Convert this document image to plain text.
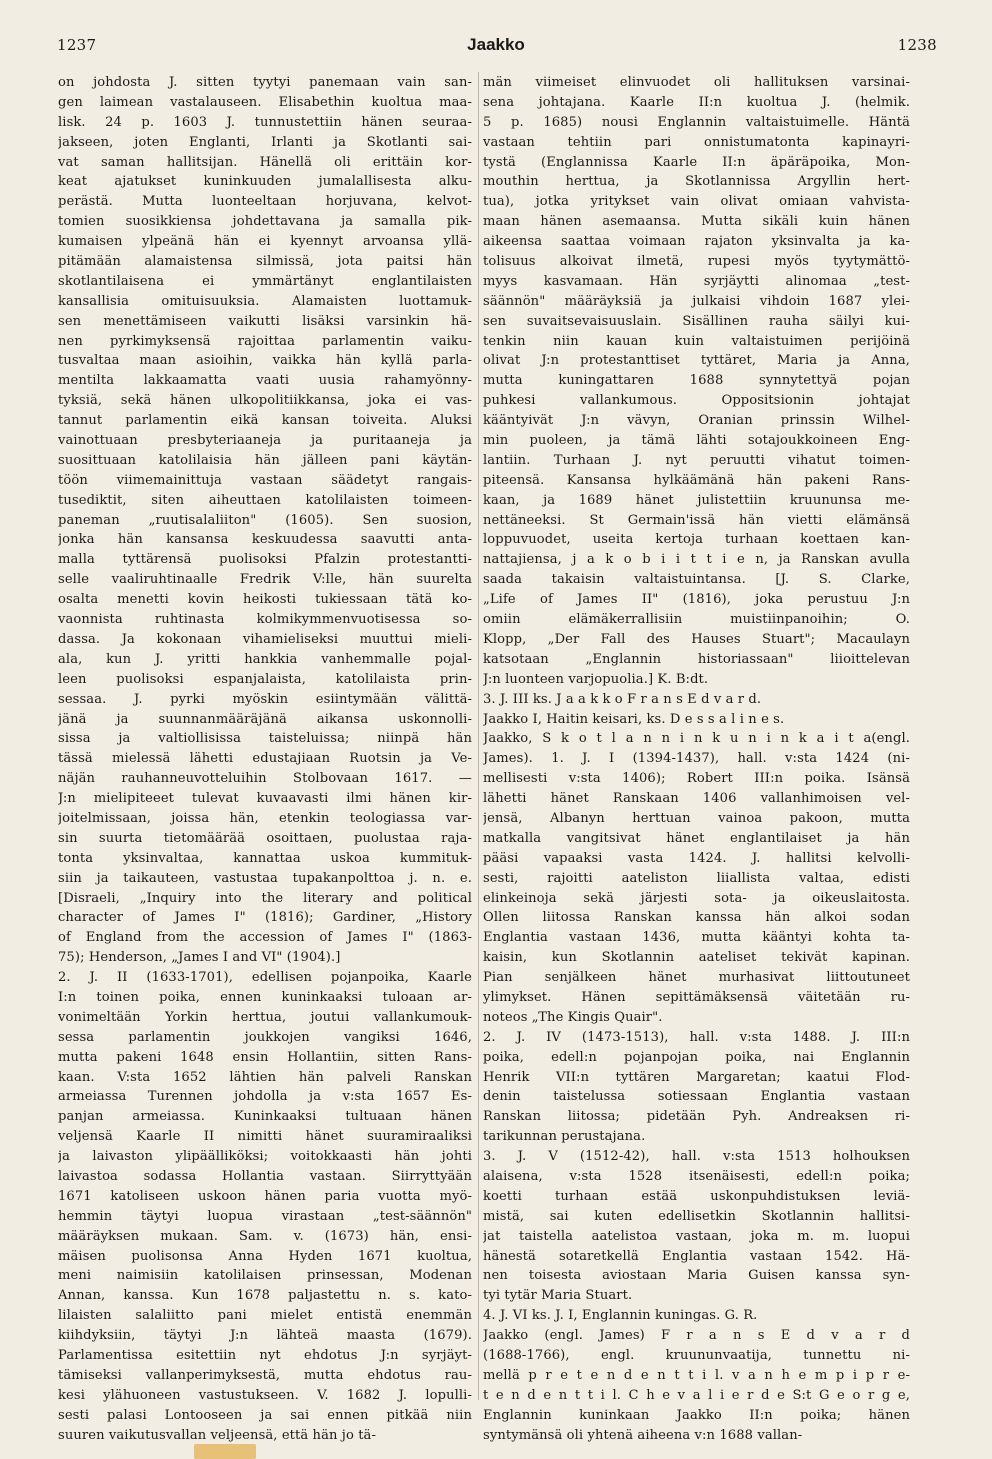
1237	Jaakko	1238
on johdosta J. sitten tyytyi panemaan vain san-
gen laimean vastalauseen. Elisabethin kuoltua maa-
lisk. 24 p. 1603 J. tunnustettiin hänen seuraa-
jakseen, joten Englanti, Irlanti ja Skotlanti sai-
vat saman hallitsijan. Hänellä oli erittäin kor-
keat ajatukset kuninkuuden jumalallisesta alku-
perästä. Mutta luonteeltaan horjuvana, kelvot-
tomien suosikkiensa johdettavana ja samalla pik-
kumaisen ylpeänä hän ei kyennyt arvoansa yllä-
pitämään alamaistensa silmissä, jota paitsi hän
skotlantilaisena ei ymmärtänyt englantilaisten
kansallisia omituisuuksia. Alamaisten luottamuk-
sen menettämiseen vaikutti lisäksi varsinkin hä-
nen pyrkimyksensä rajoittaa parlamentin vaiku-
tusvaltaa maan asioihin, vaikka hän kyllä parla-
mentilta lakkaamatta vaati uusia rahamyönny-
tyksiä, sekä hänen ulkopolitiikkansa, joka ei vas-
tannut parlamentin eikä kansan toiveita. Aluksi
vainottuaan presbyteriaaneja ja puritaaneja ja
suosittuaan katolilaisia hän jälleen pani käytän-
töön viimemainittuja vastaan säädetyt rangais-
tusediktit, siten aiheuttaen katolilaisten toimeen-
paneman „ruutisalaliiton" (1605). Sen suosion,
jonka hän kansansa keskuudessa saavutti anta-
malla tyttärensä puolisoksi Pfalzin protestantti-
selle vaaliruhtinaalle Fredrik V:lle, hän suurelta
osalta menetti kovin heikosti tukiessaan tätä ko-
vaonnista ruhtinasta kolmikymmenvuotisessa so-
dassa. Ja kokonaan vihamieliseksi muuttui mieli-
ala, kun J. yritti hankkia vanhemmalle pojal-
leen puolisoksi espanjalaista, katolilaista prin-
sessaa. J. pyrki myöskin esiintymään välittä-
jänä ja suunnanmääräjänä aikansa uskonnolli-
sissa ja valtiollisissa taisteluissa; niinpä hän
tässä mielessä lähetti edustajiaan Ruotsin ja Ve-
näjän rauhanneuvotteluihin Stolbovaan 1617. —
J:n mielipiteeet tulevat kuvaavasti ilmi hänen kir-
joitelmissaan, joissa hän, etenkin teologiassa var-
sin suurta tietomäärää osoittaen, puolustaa raja-
tonta yksinvaltaa, kannattaa uskoa kummituk-
siin ja taikauteen, vastustaa tupakanpolttoa j. n. e.
[Disraeli, „Inquiry into the literary and political
character of James I" (1816); Gardiner, „History
of England from the accession of James I" (1863-
75); Henderson, „James I and VI" (1904).]
2. J. II (1633-1701), edellisen pojanpoika, Kaarle
I:n toinen poika, ennen kuninkaaksi tuloaan ar-
vonimeltään Yorkin herttua, joutui vallankumouk-
sessa parlamentin joukkojen vangiksi 1646,
mutta pakeni 1648 ensin Hollantiin, sitten Rans-
kaan. V:sta 1652 lähtien hän palveli Ranskan
armeiassa Turennen johdolla ja v:sta 1657 Es-
panjan armeiassa. Kuninkaaksi tultuaan hänen
veljensä Kaarle II nimitti hänet suuramiraaliksi
ja laivaston ylipäälliköksi; voitokkaasti hän johti
laivastoa sodassa Hollantia vastaan. Siirryttyään
1671 katoliseen uskoon hänen paria vuotta myö-
hemmin täytyi luopua virastaan „test-säännön"
määräyksen mukaan. Sam. v. (1673) hän, ensi-
mäisen puolisonsa Anna Hyden 1671 kuoltua,
meni naimisiin katolilaisen prinsessan, Modenan
Annan, kanssa. Kun 1678 paljastettu n. s. kato-
lilaisten salaliitto pani mielet entistä enemmän
kiihdyksiin, täytyi J:n lähteä maasta (1679).
Parlamentissa esitettiin nyt ehdotus J:n syrjäyt-
tämiseksi vallanperimyksestä, mutta ehdotus rau-
kesi ylähuoneen vastustukseen. V. 1682 J. lopulli-
sesti palasi Lontooseen ja sai ennen pitkää niin
suuren vaikutusvallan veljeensä, että hän jo tä-
män viimeiset elinvuodet oli hallituksen varsinai-
sena johtajana. Kaarle II:n kuoltua J. (helmik.
5 p. 1685) nousi Englannin valtaistuimelle. Häntä
vastaan tehtiin pari onnistumatonta kapinayri-
tystä (Englannissa Kaarle II:n äpäräpoika, Mon-
mouthin herttua, ja Skotlannissa Argyllin hert-
tua), jotka yritykset vain olivat omiaan vahvista-
maan hänen asemaansa. Mutta sikäli kuin hänen
aikeensa saattaa voimaan rajaton yksinvalta ja ka-
tolisuus alkoivat ilmetä, rupesi myös tyytymättö-
myys kasvamaan. Hän syrjäytti alinomaa „test-
säännön" määräyksiä ja julkaisi vihdoin 1687 ylei-
sen suvaitsevaisuuslain. Sisällinen rauha säilyi kui-
tenkin niin kauan kuin valtaistuimen perijöinä
olivat J:n protestanttiset tyttäret, Maria ja Anna,
mutta kuningattaren 1688 synnytettyä pojan
puhkesi vallankumous. Oppositsionin johtajat
kääntyivät J:n vävyn, Oranian prinssin Wilhel-
min puoleen, ja tämä lähti sotajoukkoineen Eng-
lantiin. Turhaan J. nyt peruutti vihatut toimen-
piteensä. Kansansa hylkäämänä hän pakeni Rans-
kaan, ja 1689 hänet julistettiin kruununsa me-
nettäneeksi. St Germain'issä hän vietti elämänsä
loppuvuodet, useita kertoja turhaan koettaen kan-
nattajiensa, j a k o b i i t t i e n, ja Ranskan avulla
saada takaisin valtaistuintansa. [J. S. Clarke,
„Life of James II" (1816), joka perustuu J:n
omiin elämäkerrallisiin muistiinpanoihin; O.
Klopp, „Der Fall des Hauses Stuart"; Macaulayn
katsotaan „Englannin historiassaan" liioittelevan
J:n luonteen varjopuolia.] K. B:dt.
3. J. III ks. J a a k k o F r a n s E d v a r d.
Jaakko I, Haitin keisari, ks. D e s s a l i n e s.
Jaakko, S k o t l a n n i n k u n i n k a i t a(engl.
James). 1. J. I (1394-1437), hall. v:sta 1424 (ni-
mellisesti v:sta 1406); Robert III:n poika. Isänsä
lähetti hänet Ranskaan 1406 vallanhimoisen vel-
jensä, Albanyn herttuan vainoa pakoon, mutta
matkalla vangitsivat hänet englantilaiset ja hän
pääsi vapaaksi vasta 1424. J. hallitsi kelvolli-
sesti, rajoitti aateliston liiallista valtaa, edisti
elinkeinoja sekä järjesti sota- ja oikeuslaitosta.
Ollen liitossa Ranskan kanssa hän alkoi sodan
Englantia vastaan 1436, mutta kääntyi kohta ta-
kaisin, kun Skotlannin aateliset tekivät kapinan.
Pian senjälkeen hänet murhasivat liittoutuneet
ylimykset. Hänen sepittämäksensä väitetään ru-
noteos „The Kingis Quair".
2. J. IV (1473-1513), hall. v:sta 1488. J. III:n
poika, edell:n pojanpojan poika, nai Englannin
Henrik VII:n tyttären Margaretan; kaatui Flod-
denin taistelussa sotiessaan Englantia vastaan
Ranskan liitossa; pidetään Pyh. Andreaksen ri-
tarikunnan perustajana.
3. J. V (1512-42), hall. v:sta 1513 holhouksen
alaisena, v:sta 1528 itsenäisesti, edell:n poika;
koetti turhaan estää uskonpuhdistuksen leviä-
mistä, sai kuten edellisetkin Skotlannin hallitsi-
jat taistella aatelistoa vastaan, joka m. m. luopui
hänestä sotaretkellä Englantia vastaan 1542. Hä-
nen toisesta aviostaan Maria Guisen kanssa syn-
tyi tytär Maria Stuart.
4. J. VI ks. J. I, Englannin kuningas. G. R.
Jaakko (engl. James) F r a n s E d v a r d
(1688-1766), engl. kruununvaatija, tunnettu ni-
mellä p r e t e n d e n t t i l. v a n h e m p i p r e-
t e n d e n t t i l. C h e v a l i e r d e S:t G e o r g e,
Englannin kuninkaan Jaakko II:n poika; hänen
syntymänsä oli yhtenä aiheena v:n 1688 vallan-
